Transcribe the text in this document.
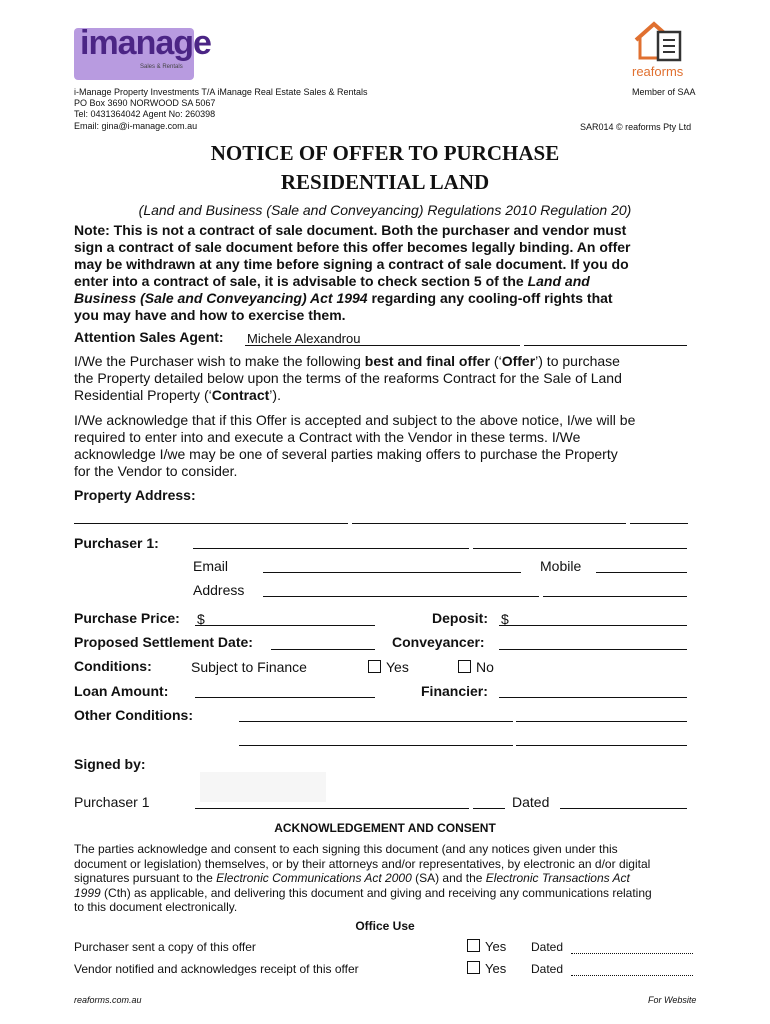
imanage
Sales & Rentals	reaforms
i-Manage Property Investments T/A iManage Real Estate Sales & Rentals
PO Box 3690 NORWOOD SA 5067
Tel: 0431364042 Agent No: 260398
Email: gina@i-manage.com.au
Member of SAA
SAR014 © reaforms Pty Ltd
NOTICE OF OFFER TO PURCHASE
RESIDENTIAL LAND
(Land and Business (Sale and Conveyancing) Regulations 2010 Regulation 20)
Note: This is not a contract of sale document. Both the purchaser and vendor must
sign a contract of sale document before this offer becomes legally binding. An offer
may be withdrawn at any time before signing a contract of sale document. If you do
enter into a contract of sale, it is advisable to check section 5 of the Land and
Business (Sale and Conveyancing) Act 1994 regarding any cooling-off rights that
you may have and how to exercise them.
Attention Sales Agent: Michele Alexandrou
I/We the Purchaser wish to make the following best and final offer (‘Offer’) to purchase
the Property detailed below upon the terms of the reaforms Contract for the Sale of Land
Residential Property (‘Contract’).
I/We acknowledge that if this Offer is accepted and subject to the above notice, I/we will be
required to enter into and execute a Contract with the Vendor in these terms. I/We
acknowledge I/we may be one of several parties making offers to purchase the Property
for the Vendor to consider.
Property Address:
Purchaser 1:
Email	Mobile
Address
Purchase Price: $	Deposit: $
Proposed Settlement Date:	Conveyancer:
Conditions:	Subject to Finance	Yes	No
Loan Amount:	Financier:
Other Conditions:
Signed by:
Purchaser 1	Dated
ACKNOWLEDGEMENT AND CONSENT
The parties acknowledge and consent to each signing this document (and any notices given under this
document or legislation) themselves, or by their attorneys and/or representatives, by electronic an d/or digital
signatures pursuant to the Electronic Communications Act 2000 (SA) and the Electronic Transactions Act
1999 (Cth) as applicable, and delivering this document and giving and receiving any communications relating
to this document electronically.
Office Use
Purchaser sent a copy of this offer	Yes Dated
Vendor notified and acknowledges receipt of this offer	Yes Dated
reaforms.com.au	For Website
